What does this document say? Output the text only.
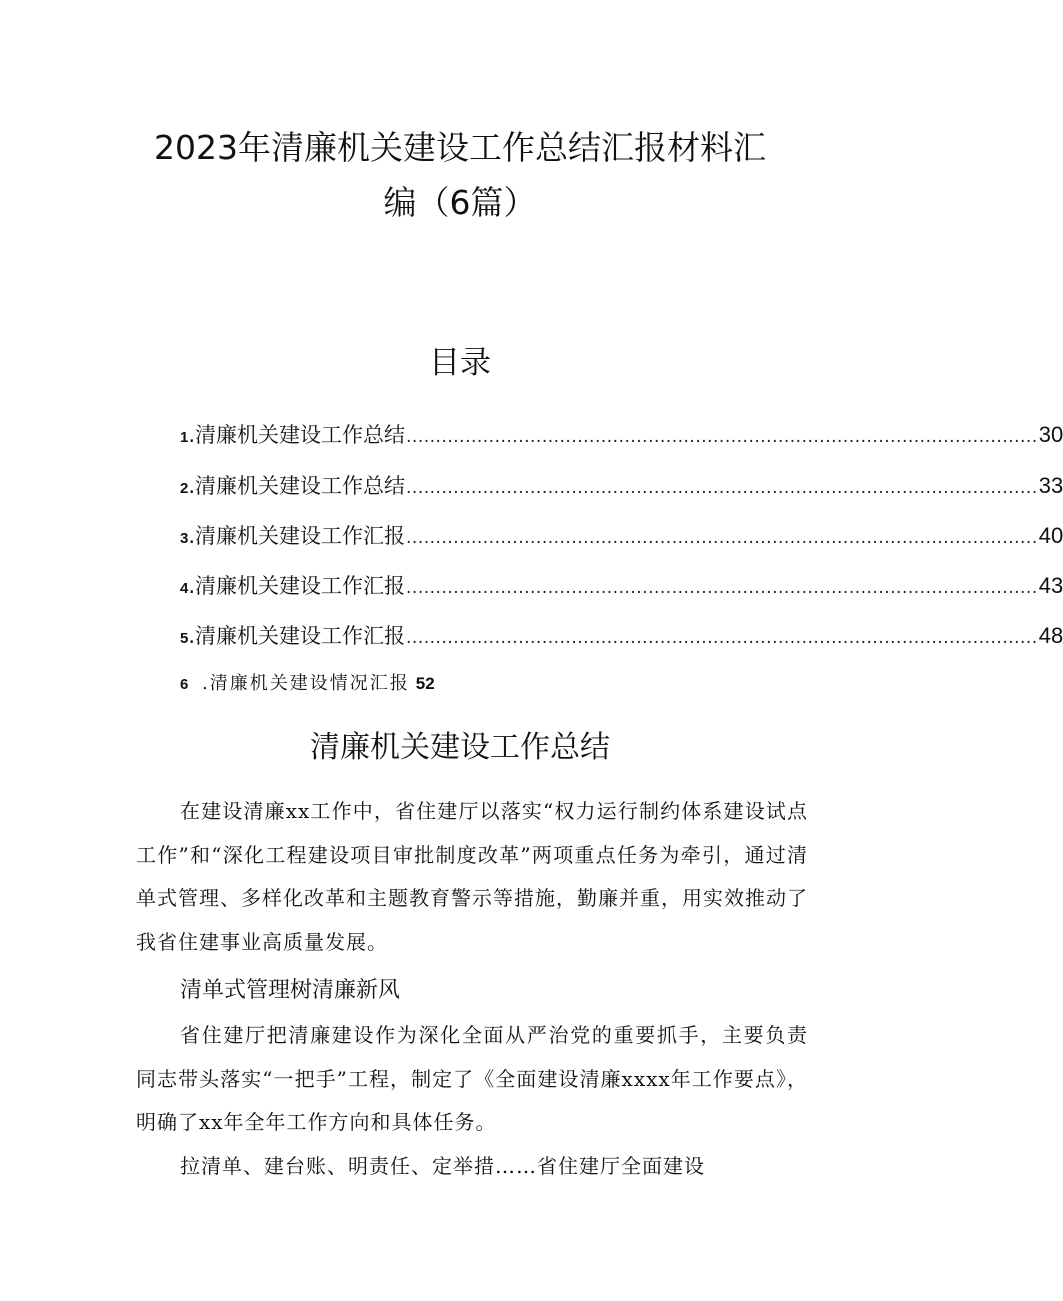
2023年清廉机关建设工作总结汇报材料汇
编（6篇）
目录
1 .清廉机关建设工作总结 ........................................................................................................... 30
2 .清廉机关建设工作总结 ........................................................................................................... 33
3 .清廉机关建设工作汇报 ........................................................................................................... 40
4 .清廉机关建设工作汇报 ........................................................................................................... 43
5 .清廉机关建设工作汇报 ........................................................................................................... 48
6 .清廉机关建设情况汇报 52
清廉机关建设工作总结

在建设清廉xx工作中，省住建厅以落实“权力运行制约体系建设试点工作”和“深化工程建设项目审批制度改革”两项重点任务为牵引，通过清单式管理、多样化改革和主题教育警示等措施，勤廉并重，用实效推动了我省住建事业高质量发展。

清单式管理树清廉新风

省住建厅把清廉建设作为深化全面从严治党的重要抓手，主要负责同志带头落实“一把手”工程，制定了《全面建设清廉xxxx年工作要点》，明确了xx年全年工作方向和具体任务。

拉清单、建台账、明责任、定举措……省住建厅全面建设
